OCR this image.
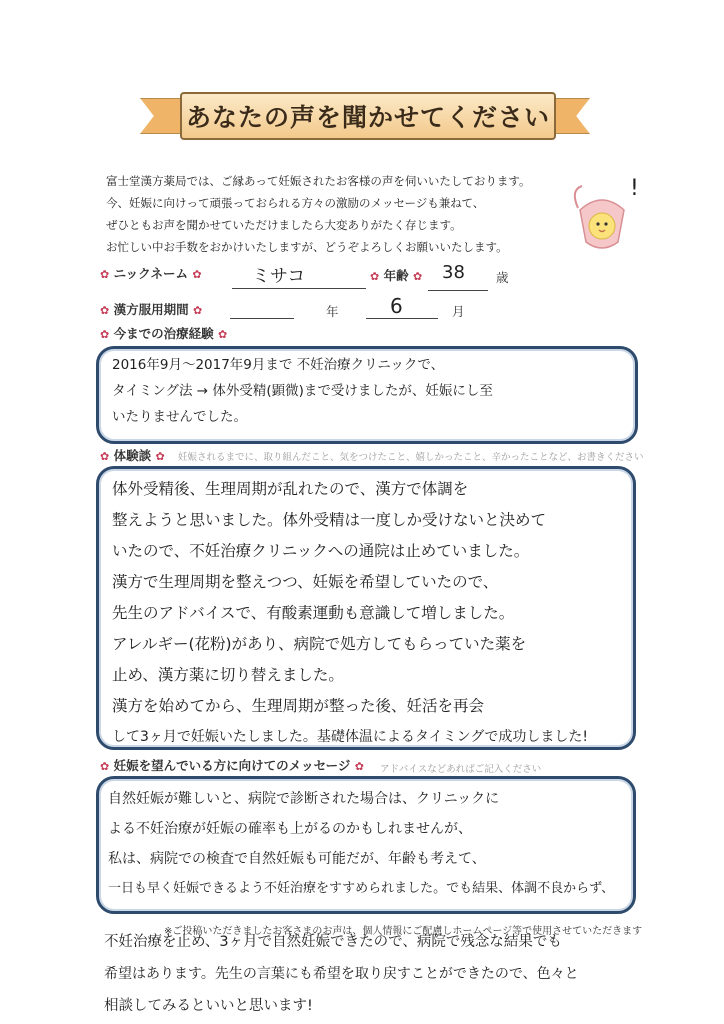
あなたの声を聞かせてください
富士堂漢方薬局では、ご縁あって妊娠されたお客様の声を伺いいたしております。
今、妊娠に向けって頑張っておられる方々の激励のメッセージも兼ねて、
ぜひともお声を聞かせていただけましたら大変ありがたく存じます。
お忙しい中お手数をおかけいたしますが、どうぞよろしくお願いいたします。
!
✿ ニックネーム ✿	ミサコ	✿ 年齢 ✿ 38 歳
✿ 漢方服用期間 ✿	年	6	月
✿ 今までの治療経験 ✿
2016年9月～2017年9月まで 不妊治療クリニックで、
タイミング法 → 体外受精(顕微)まで受けましたが、妊娠にし至
いたりませんでした。
✿ 体験談 ✿ 妊娠されるまでに、取り組んだこと、気をつけたこと、嬉しかったこと、辛かったことなど、お書きください
体外受精後、生理周期が乱れたので、漢方で体調を
整えようと思いました。体外受精は一度しか受けないと決めて
いたので、不妊治療クリニックへの通院は止めていました。
漢方で生理周期を整えつつ、妊娠を希望していたので、
先生のアドバイスで、有酸素運動も意識して増しました。
アレルギー(花粉)があり、病院で処方してもらっていた薬を
止め、漢方薬に切り替えました。
漢方を始めてから、生理周期が整った後、妊活を再会
して3ヶ月で妊娠いたしました。基礎体温によるタイミングで成功しました!
✿ 妊娠を望んでいる方に向けてのメッセージ ✿ アドバイスなどあればご記入ください
自然妊娠が難しいと、病院で診断された場合は、クリニックに
よる不妊治療が妊娠の確率も上がるのかもしれませんが、
私は、病院での検査で自然妊娠も可能だが、年齢も考えて、
一日も早く妊娠できるよう不妊治療をすすめられました。でも結果、体調不良からず、
※ご投稿いただきましたお客さまのお声は、個人情報にご配慮しホームページ等で使用させていただきます
不妊治療を止め、3ヶ月で自然妊娠できたので、病院で残念な結果でも
希望はあります。先生の言葉にも希望を取り戻すことができたので、色々と
相談してみるといいと思います!
